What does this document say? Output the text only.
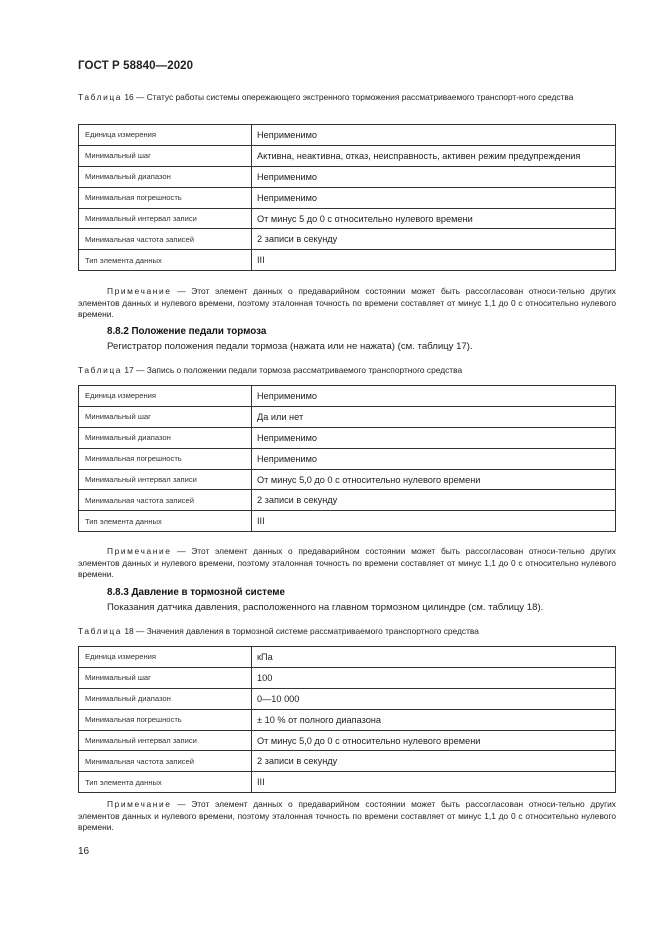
ГОСТ Р 58840—2020
Таблица 16 — Статус работы системы опережающего экстренного торможения рассматриваемого транспорт-ного средства
Единица измерения	Неприменимо
Минимальный шаг	Активна, неактивна, отказ, неисправность, активен режим предупреждения
Минимальный диапазон	Неприменимо
Минимальная погрешность	Неприменимо
Минимальный интервал записи	От минус 5 до 0 с относительно нулевого времени
Минимальная частота записей	2 записи в секунду
Тип элемента данных	III
Примечание — Этот элемент данных о предаварийном состоянии может быть рассогласован относи-тельно других элементов данных и нулевого времени, поэтому эталонная точность по времени составляет от минус 1,1 до 0 с относительно нулевого времени.
8.8.2 Положение педали тормоза
Регистратор положения педали тормоза (нажата или не нажата) (см. таблицу 17).
Таблица 17 — Запись о положении педали тормоза рассматриваемого транспортного средства
Единица измерения	Неприменимо
Минимальный шаг	Да или нет
Минимальный диапазон	Неприменимо
Минимальная погрешность	Неприменимо
Минимальный интервал записи	От минус 5,0 до 0 с относительно нулевого времени
Минимальная частота записей	2 записи в секунду
Тип элемента данных	III
Примечание — Этот элемент данных о предаварийном состоянии может быть рассогласован относи-тельно других элементов данных и нулевого времени, поэтому эталонная точность по времени составляет от минус 1,1 до 0 с относительно нулевого времени.
8.8.3 Давление в тормозной системе
Показания датчика давления, расположенного на главном тормозном цилиндре (см. таблицу 18).
Таблица 18 — Значения давления в тормозной системе рассматриваемого транспортного средства
Единица измерения	кПа
Минимальный шаг	100
Минимальный диапазон	0—10 000
Минимальная погрешность	± 10 % от полного диапазона
Минимальный интервал записи	От минус 5,0 до 0 с относительно нулевого времени
Минимальная частота записей	2 записи в секунду
Тип элемента данных	III
Примечание — Этот элемент данных о предаварийном состоянии может быть рассогласован относи-тельно других элементов данных и нулевого времени, поэтому эталонная точность по времени составляет от минус 1,1 до 0 с относительно нулевого времени.
16
